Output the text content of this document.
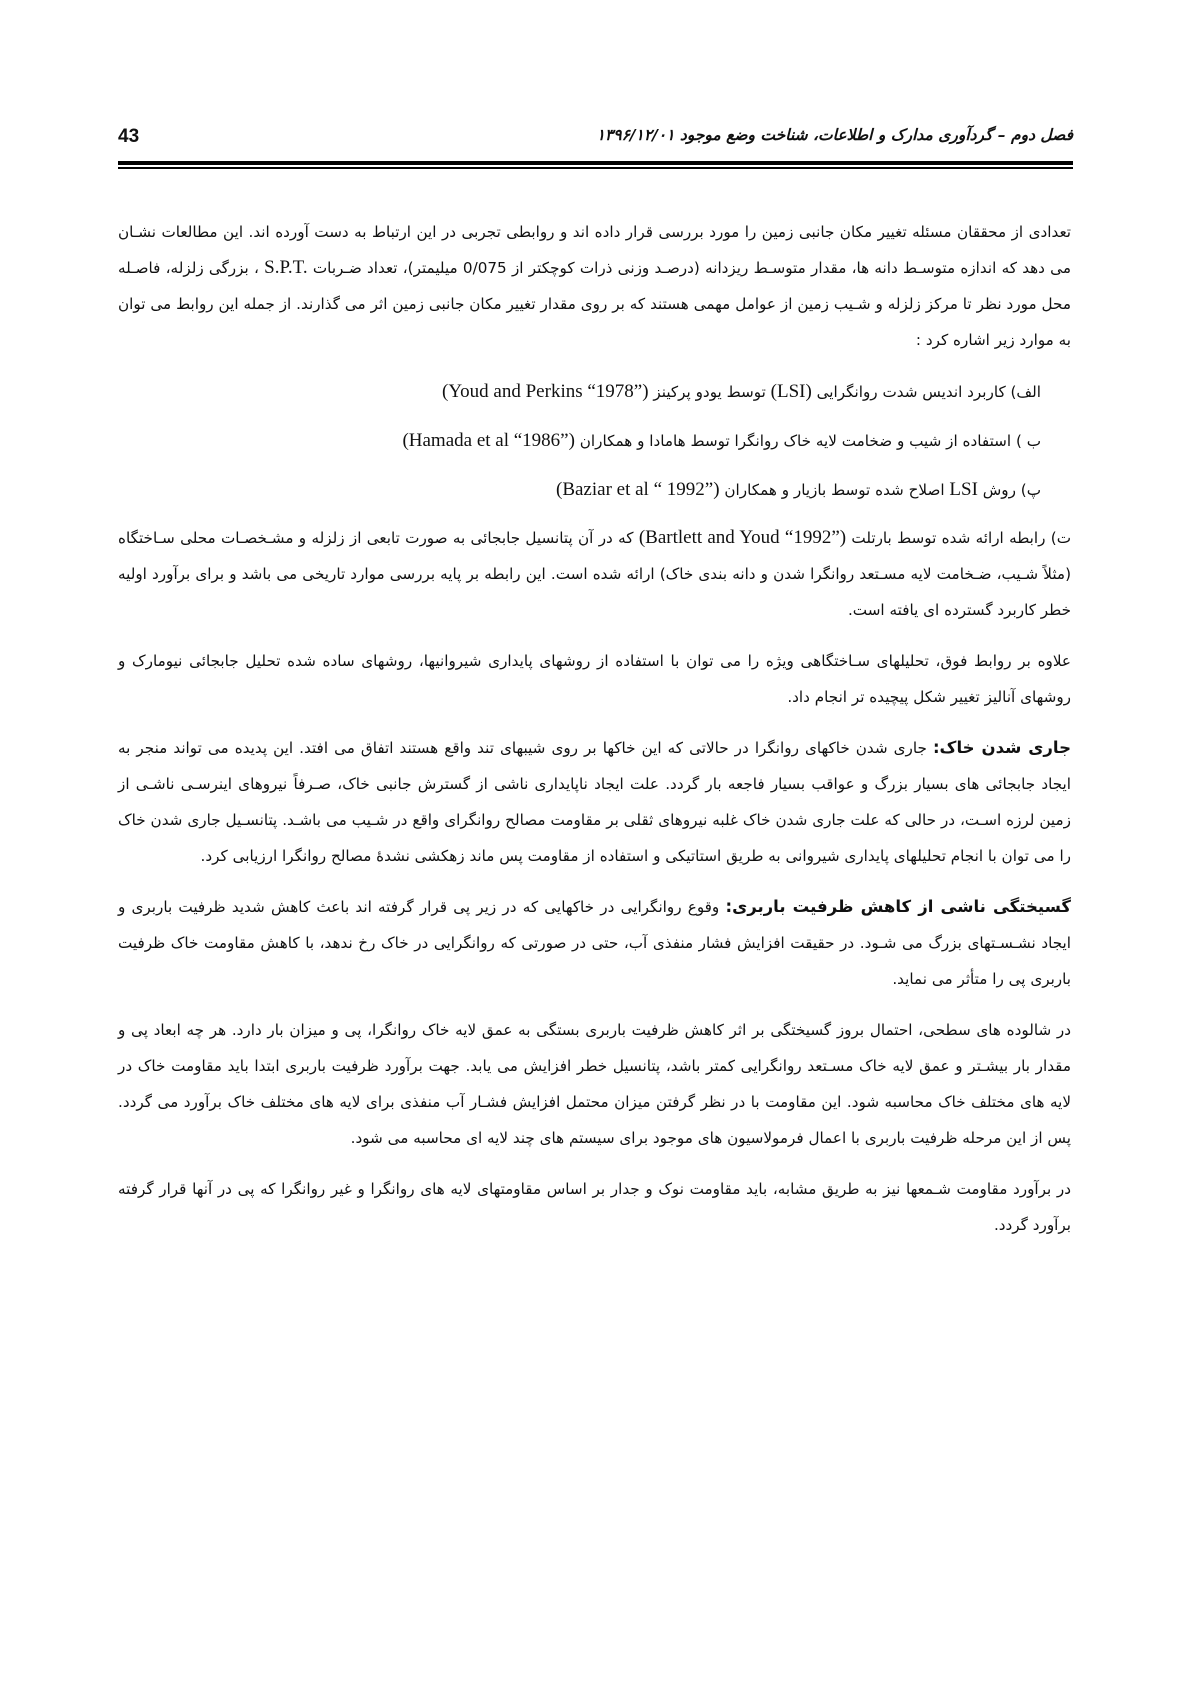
43	فصل دوم – گردآوری مدارک و اطلاعات، شناخت وضع موجود ۱۳۹۶/۱۲/۰۱

تعدادی از محققان مسئله تغییر مکان جانبی زمین را مورد بررسی قرار داده اند و روابطی تجربی در این ارتباط به دست آورده اند. این مطالعات نشـان می دهد که اندازه متوسـط دانه ها، مقدار متوسـط ریزدانه (درصـد وزنی ذرات کوچکتر از 0/075 میلیمتر)، تعداد ضـربات S.P.T. ، بزرگی زلزله، فاصـله محل مورد نظر تا مرکز زلزله و شـیب زمین از عوامل مهمی هستند که بر روی مقدار تغییر مکان جانبی زمین اثر می گذارند. از جمله این روابط می توان به موارد زیر اشاره کرد :

الف) کاربرد اندیس شدت روانگرایی (LSI) توسط یودو پرکینز (Youd and Perkins “1978”)

ب ) استفاده از شیب و ضخامت لایه خاک روانگرا توسط هامادا و همکاران (Hamada et al “1986”)

پ) روش LSI اصلاح شده توسط بازیار و همکاران (Baziar et al “ 1992”)

ت) رابطه ارائه شده توسط بارتلت (Bartlett and Youd “1992”) که در آن پتانسیل جابجائی به صورت تابعی از زلزله و مشـخصـات محلی سـاختگاه (مثلاً شـیب، ضـخامت لایه مسـتعد روانگرا شدن و دانه بندی خاک) ارائه شده است. این رابطه بر پایه بررسی موارد تاریخی می باشد و برای برآورد اولیه خطر کاربرد گسترده ای یافته است.

علاوه بر روابط فوق، تحلیلهای سـاختگاهی ویژه را می توان با استفاده از روشهای پایداری شیروانیها، روشهای ساده شده تحلیل جابجائی نیومارک و روشهای آنالیز تغییر شکل پیچیده تر انجام داد.

جاری شدن خاک: جاری شدن خاکهای روانگرا در حالاتی که این خاکها بر روی شیبهای تند واقع هستند اتفاق می افتد. این پدیده می تواند منجر به ایجاد جابجائی های بسیار بزرگ و عواقب بسیار فاجعه بار گردد. علت ایجاد ناپایداری ناشی از گسترش جانبی خاک، صـرفاً نیروهای اینرسـی ناشـی از زمین لرزه اسـت، در حالی که علت جاری شدن خاک غلبه نیروهای ثقلی بر مقاومت مصالح روانگرای واقع در شـیب می باشـد. پتانسـیل جاری شدن خاک را می توان با انجام تحلیلهای پایداری شیروانی به طریق استاتیکی و استفاده از مقاومت پس ماند زهکشی نشدهٔ مصالح روانگرا ارزیابی کرد.

گسیختگی ناشی از کاهش ظرفیت باربری: وقوع روانگرایی در خاکهایی که در زیر پی قرار گرفته اند باعث کاهش شدید ظرفیت باربری و ایجاد نشـسـتهای بزرگ می شـود. در حقیقت افزایش فشار منفذی آب، حتی در صورتی که روانگرایی در خاک رخ ندهد، با کاهش مقاومت خاک ظرفیت باربری پی را متأثر می نماید.

در شالوده های سطحی، احتمال بروز گسیختگی بر اثر کاهش ظرفیت باربری بستگی به عمق لایه خاک روانگرا، پی و میزان بار دارد. هر چه ابعاد پی و مقدار بار بیشـتر و عمق لایه خاک مسـتعد روانگرایی کمتر باشد، پتانسیل خطر افزایش می یابد. جهت برآورد ظرفیت باربری ابتدا باید مقاومت خاک در لایه های مختلف خاک محاسبه شود. این مقاومت با در نظر گرفتن میزان محتمل افزایش فشـار آب منفذی برای لایه های مختلف خاک برآورد می گردد. پس از این مرحله ظرفیت باربری با اعمال فرمولاسیون های موجود برای سیستم های چند لایه ای محاسبه می شود.

در برآورد مقاومت شـمعها نیز به طریق مشابه، باید مقاومت نوک و جدار بر اساس مقاومتهای لایه های روانگرا و غیر روانگرا که پی در آنها قرار گرفته برآورد گردد.
